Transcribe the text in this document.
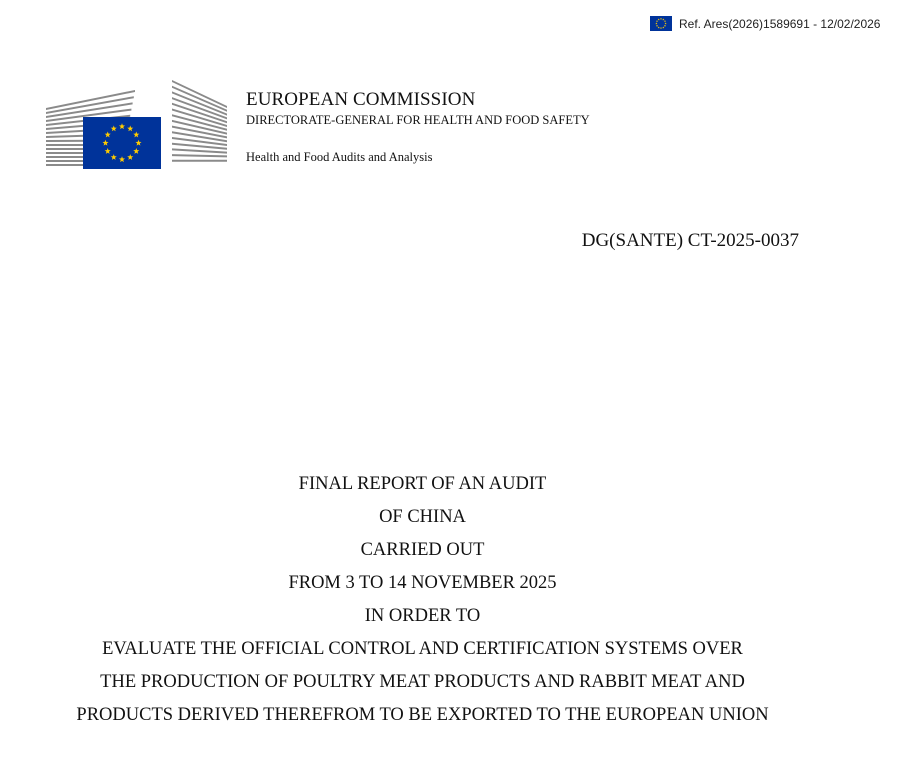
Ref. Ares(2026)1589691 - 12/02/2026
EUROPEAN COMMISSION
DIRECTORATE-GENERAL FOR HEALTH AND FOOD SAFETY
Health and Food Audits and Analysis
DG(SANTE) CT-2025-0037
FINAL REPORT OF AN AUDIT
OF CHINA
CARRIED OUT
FROM 3 TO 14 NOVEMBER 2025
IN ORDER TO
EVALUATE THE OFFICIAL CONTROL AND CERTIFICATION SYSTEMS OVER
THE PRODUCTION OF POULTRY MEAT PRODUCTS AND RABBIT MEAT AND
PRODUCTS DERIVED THEREFROM TO BE EXPORTED TO THE EUROPEAN UNION
